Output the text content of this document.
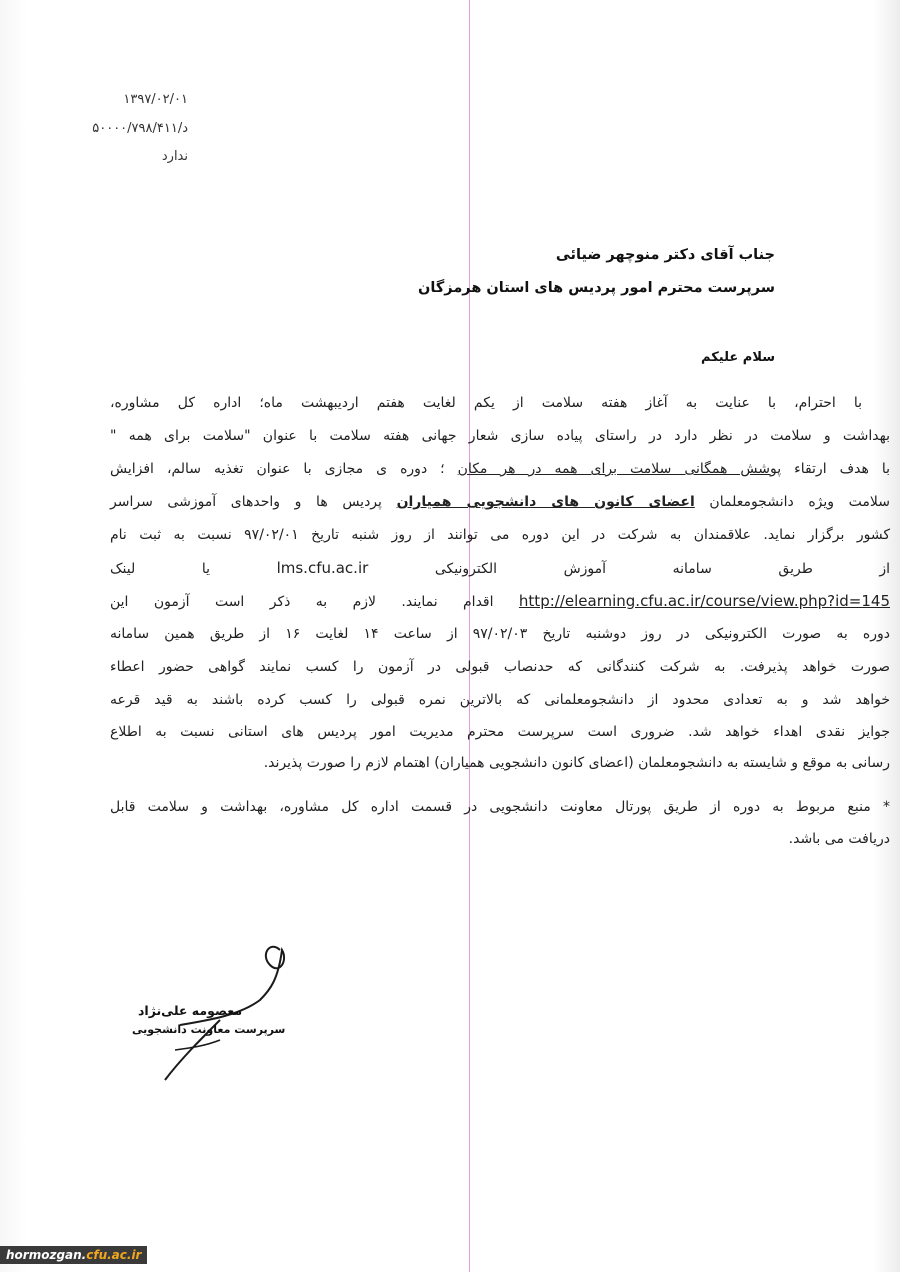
۱۳۹۷/۰۲/۰۱
د/۵۰۰۰۰/۷۹۸/۴۱۱
ندارد
جناب آقای دکتر منوچهر ضیائی
سرپرست محترم امور پردیس های استان هرمزگان
سلام علیکم
با احترام، با عنایت به آغاز هفته سلامت از یکم لغایت هفتم اردیبهشت ماه؛ اداره کل مشاوره،
بهداشت و سلامت در نظر دارد در راستای پیاده سازی شعار جهانی هفته سلامت با عنوان "سلامت برای همه "
با هدف ارتقاء پوشش همگانی سلامت برای همه در هر مکان ؛ دوره ی مجازی با عنوان تغذیه سالم، افزایش
سلامت ویژه دانشجومعلمان اعضای کانون های دانشجویی همیاران پردیس ها و واحدهای آموزشی سراسر
کشور برگزار نماید. علاقمندان به شرکت در این دوره می توانند از روز شنبه تاریخ ۹۷/۰۲/۰۱ نسبت به ثبت نام
از طریق سامانه آموزش الکترونیکی lms.cfu.ac.ir یا لینک
http://elearning.cfu.ac.ir/course/view.php?id=145 اقدام نمایند. لازم به ذکر است آزمون این
دوره به صورت الکترونیکی در روز دوشنبه تاریخ ۹۷/۰۲/۰۳ از ساعت ۱۴ لغایت ۱۶ از طریق همین سامانه
صورت خواهد پذیرفت. به شرکت کنندگانی که حدنصاب قبولی در آزمون را کسب نمایند گواهی حضور اعطاء
خواهد شد و به تعدادی محدود از دانشجومعلمانی که بالاترین نمره قبولی را کسب کرده باشند به قید قرعه
جوایز نقدی اهداء خواهد شد. ضروری است سرپرست محترم مدیریت امور پردیس های استانی نسبت به اطلاع
رسانی به موقع و شایسته به دانشجومعلمان (اعضای کانون دانشجویی همیاران) اهتمام لازم را صورت پذیرند.
* منبع مربوط به دوره از طریق پورتال معاونت دانشجویی در قسمت اداره کل مشاوره، بهداشت و سلامت قابل
دریافت می باشد.
معصومه علی‌نژاد
سرپرست معاونت دانشجویی
hormozgan.cfu.ac.ir
